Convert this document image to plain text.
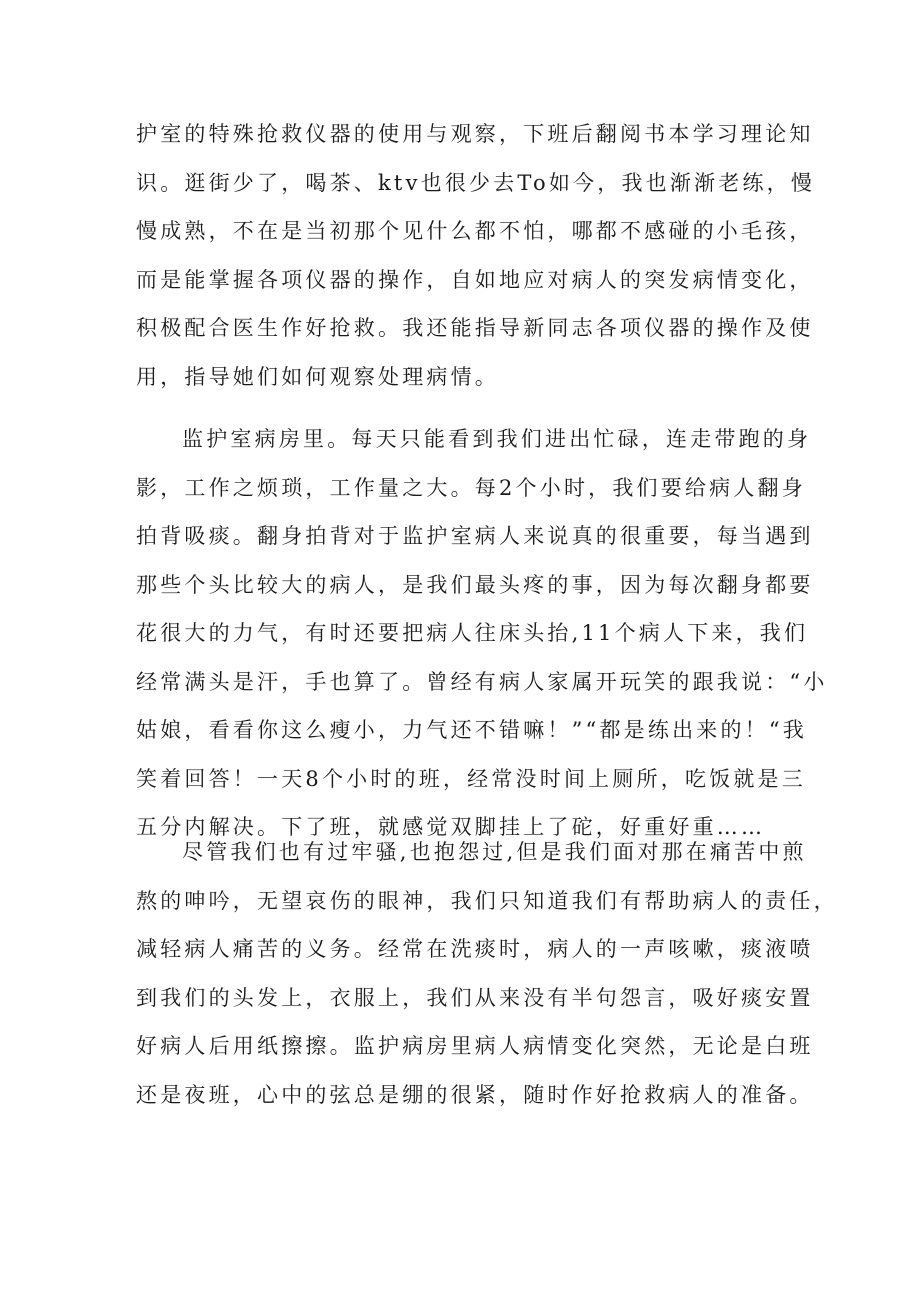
护室的特殊抢救仪器的使用与观察，下班后翻阅书本学习理论知
识。逛街少了，喝茶、ktv也很少去To如今，我也渐渐老练，慢
慢成熟，不在是当初那个见什么都不怕，哪都不感碰的小毛孩，
而是能掌握各项仪器的操作，自如地应对病人的突发病情变化，
积极配合医生作好抢救。我还能指导新同志各项仪器的操作及使
用，指导她们如何观察处理病情。
监护室病房里。每天只能看到我们进出忙碌，连走带跑的身
影，工作之烦琐，工作量之大。每2个小时，我们要给病人翻身
拍背吸痰。翻身拍背对于监护室病人来说真的很重要，每当遇到
那些个头比较大的病人，是我们最头疼的事，因为每次翻身都要
花很大的力气，有时还要把病人往床头抬,11个病人下来，我们
经常满头是汗，手也算了。曾经有病人家属开玩笑的跟我说：“小
姑娘，看看你这么瘦小，力气还不错嘛！”“都是练出来的！“我
笑着回答！一天8个小时的班，经常没时间上厕所，吃饭就是三
五分内解决。下了班，就感觉双脚挂上了砣，好重好重……
尽管我们也有过牢骚,也抱怨过,但是我们面对那在痛苦中煎
熬的呻吟，无望哀伤的眼神，我们只知道我们有帮助病人的责任，
减轻病人痛苦的义务。经常在洗痰时，病人的一声咳嗽，痰液喷
到我们的头发上，衣服上，我们从来没有半句怨言，吸好痰安置
好病人后用纸擦擦。监护病房里病人病情变化突然，无论是白班
还是夜班，心中的弦总是绷的很紧，随时作好抢救病人的准备。
